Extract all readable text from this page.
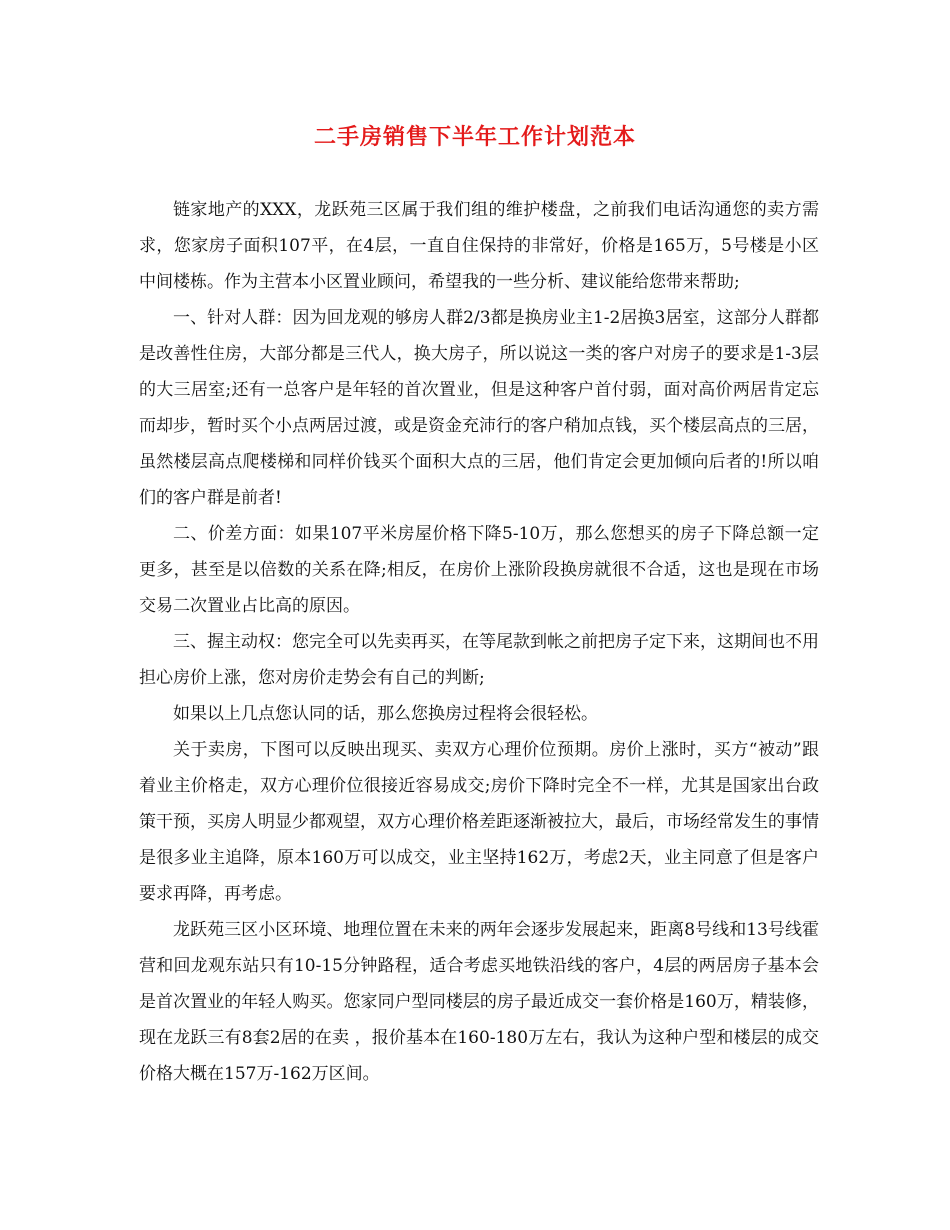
二手房销售下半年工作计划范本

链家地产的XXX，龙跃苑三区属于我们组的维护楼盘，之前我们电话沟通您的卖方需求，您家房子面积107平，在4层，一直自住保持的非常好，价格是165万，5号楼是小区中间楼栋。作为主营本小区置业顾问，希望我的一些分析、建议能给您带来帮助;

一、针对人群：因为回龙观的够房人群2/3都是换房业主1-2居换3居室，这部分人群都是改善性住房，大部分都是三代人，换大房子，所以说这一类的客户对房子的要求是1-3层的大三居室;还有一总客户是年轻的首次置业，但是这种客户首付弱，面对高价两居肯定忘而却步，暂时买个小点两居过渡，或是资金充沛行的客户稍加点钱，买个楼层高点的三居，虽然楼层高点爬楼梯和同样价钱买个面积大点的三居，他们肯定会更加倾向后者的!所以咱们的客户群是前者!

二、价差方面：如果107平米房屋价格下降5-10万，那么您想买的房子下降总额一定更多，甚至是以倍数的关系在降;相反，在房价上涨阶段换房就很不合适，这也是现在市场交易二次置业占比高的原因。

三、握主动权：您完全可以先卖再买，在等尾款到帐之前把房子定下来，这期间也不用担心房价上涨，您对房价走势会有自己的判断;

如果以上几点您认同的话，那么您换房过程将会很轻松。

关于卖房，下图可以反映出现买、卖双方心理价位预期。房价上涨时，买方“被动”跟着业主价格走，双方心理价位很接近容易成交;房价下降时完全不一样，尤其是国家出台政策干预，买房人明显少都观望，双方心理价格差距逐渐被拉大，最后，市场经常发生的事情是很多业主追降，原本160万可以成交，业主坚持162万，考虑2天，业主同意了但是客户要求再降，再考虑。

龙跃苑三区小区环境、地理位置在未来的两年会逐步发展起来，距离8号线和13号线霍营和回龙观东站只有10-15分钟路程，适合考虑买地铁沿线的客户，4层的两居房子基本会是首次置业的年轻人购买。您家同户型同楼层的房子最近成交一套价格是160万，精装修，现在龙跃三有8套2居的在卖 ，报价基本在160-180万左右，我认为这种户型和楼层的成交价格大概在157万-162万区间。
